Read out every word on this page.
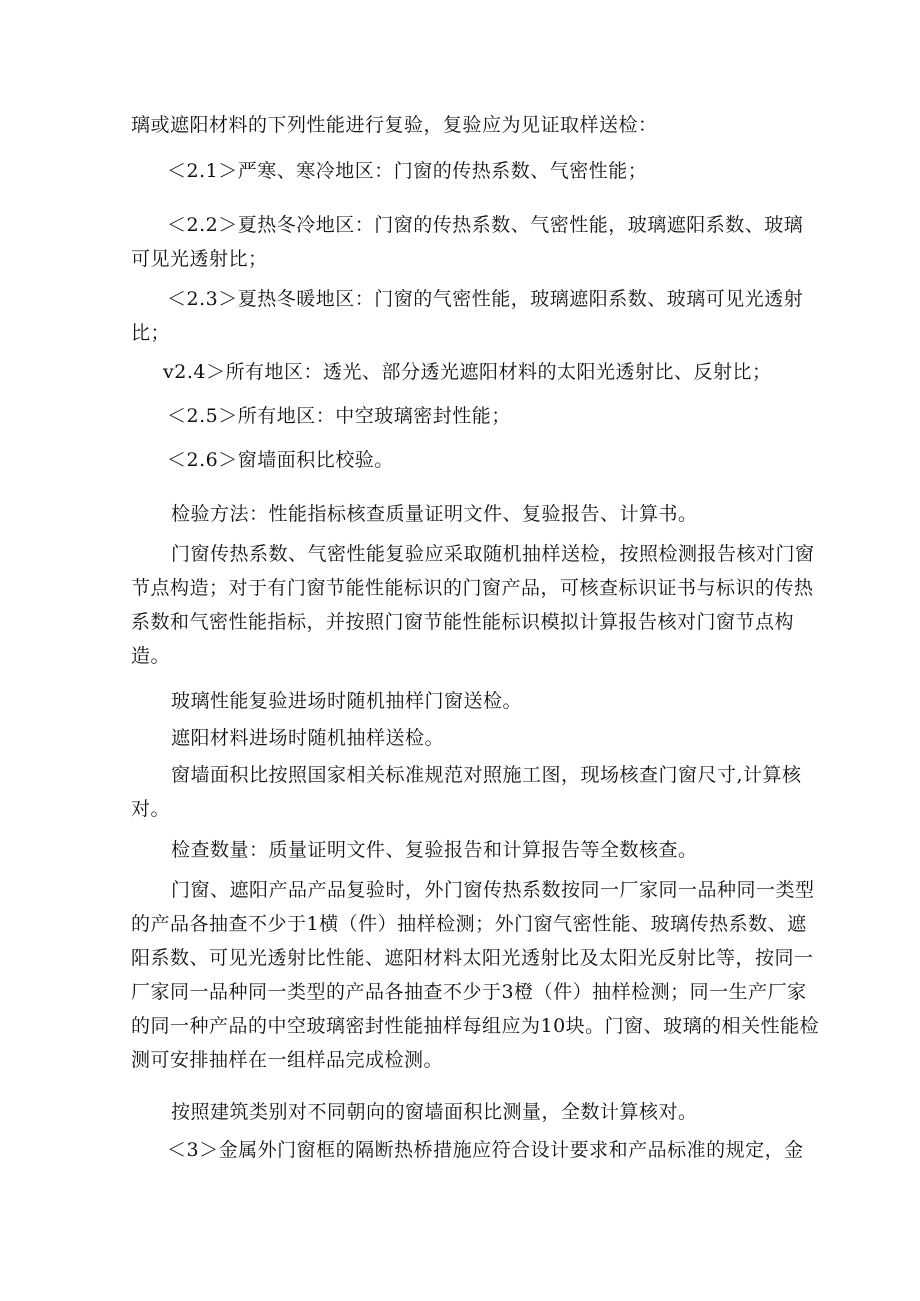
璃或遮阳材料的下列性能进行复验，复验应为见证取样送检：

＜2.1＞严寒、寒冷地区：门窗的传热系数、气密性能；

＜2.2＞夏热冬冷地区：门窗的传热系数、气密性能，玻璃遮阳系数、玻璃可见光透射比；

＜2.3＞夏热冬暖地区：门窗的气密性能，玻璃遮阳系数、玻璃可见光透射比；

v2.4＞所有地区：透光、部分透光遮阳材料的太阳光透射比、反射比；

＜2.5＞所有地区：中空玻璃密封性能；

＜2.6＞窗墙面积比校验。

检验方法：性能指标核查质量证明文件、复验报告、计算书。

门窗传热系数、气密性能复验应采取随机抽样送检，按照检测报告核对门窗节点构造；对于有门窗节能性能标识的门窗产品，可核查标识证书与标识的传热系数和气密性能指标，并按照门窗节能性能标识模拟计算报告核对门窗节点构造。

玻璃性能复验进场时随机抽样门窗送检。

遮阳材料进场时随机抽样送检。

窗墙面积比按照国家相关标准规范对照施工图，现场核查门窗尺寸,计算核对。

检查数量：质量证明文件、复验报告和计算报告等全数核查。

门窗、遮阳产品产品复验时，外门窗传热系数按同一厂家同一品种同一类型的产品各抽查不少于1横（件）抽样检测；外门窗气密性能、玻璃传热系数、遮阳系数、可见光透射比性能、遮阳材料太阳光透射比及太阳光反射比等，按同一厂家同一品种同一类型的产品各抽查不少于3橙（件）抽样检测；同一生产厂家的同一种产品的中空玻璃密封性能抽样每组应为10块。门窗、玻璃的相关性能检测可安排抽样在一组样品完成检测。

按照建筑类别对不同朝向的窗墙面积比测量，全数计算核对。

＜3＞金属外门窗框的隔断热桥措施应符合设计要求和产品标准的规定，金
